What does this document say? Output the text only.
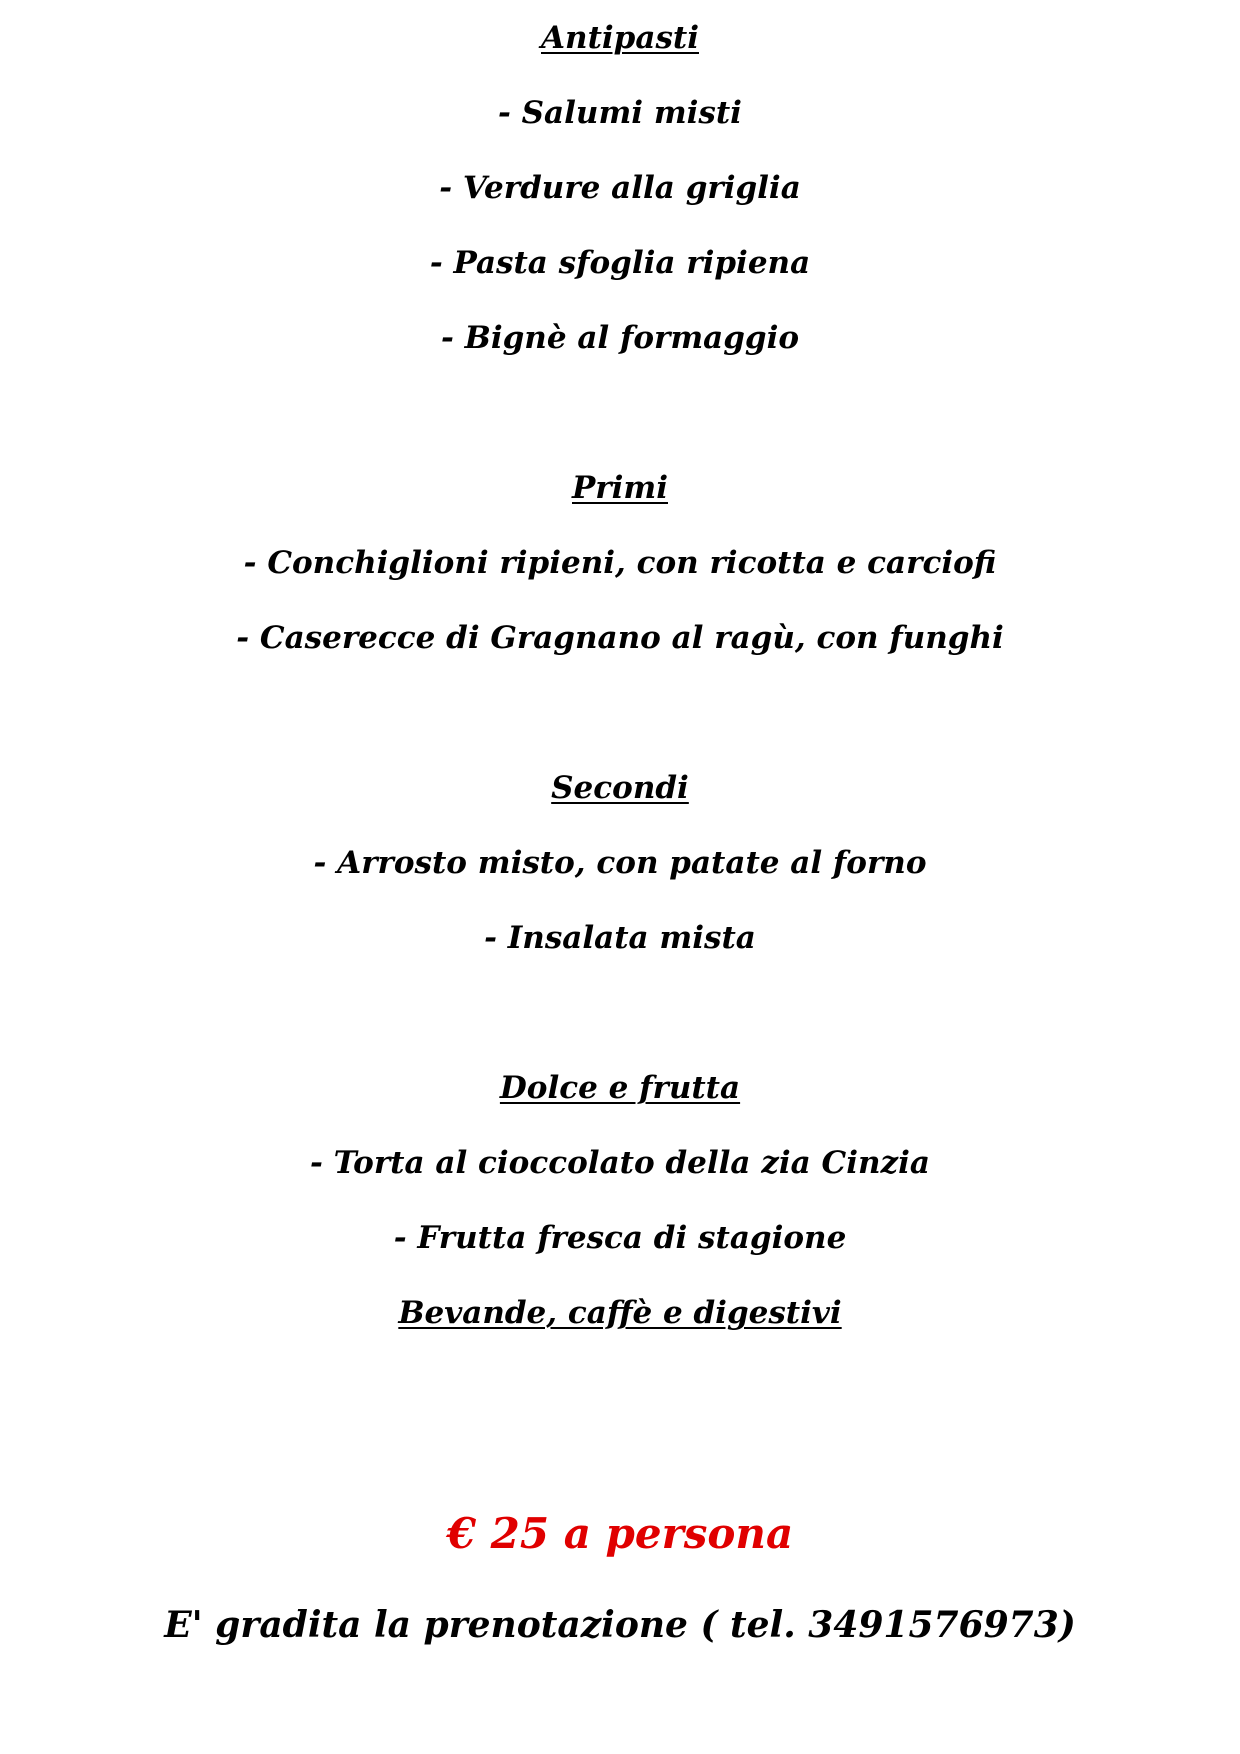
Antipasti
- Salumi misti
- Verdure alla griglia
- Pasta sfoglia ripiena
- Bignè al formaggio
Primi
- Conchiglioni ripieni, con ricotta e carciofi
- Caserecce di Gragnano al ragù, con funghi
Secondi
- Arrosto misto, con patate al forno
- Insalata mista
Dolce e frutta
- Torta al cioccolato della zia Cinzia
- Frutta fresca di stagione
Bevande, caffè e digestivi
€ 25 a persona
E' gradita la prenotazione ( tel. 3491576973)
